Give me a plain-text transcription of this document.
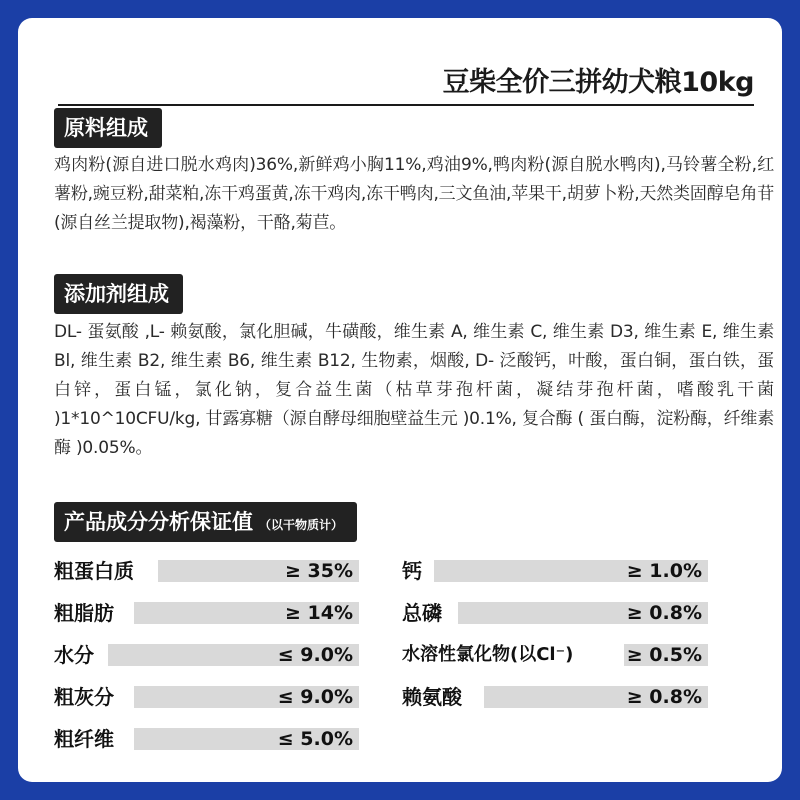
豆柴全价三拼幼犬粮10kg
原料组成
鸡肉粉(源自进口脱水鸡肉)36%,新鲜鸡小胸11%,鸡油9%,鸭肉粉(源自脱水鸭肉),马铃薯全粉,红薯粉,豌豆粉,甜菜粕,冻干鸡蛋黄,冻干鸡肉,冻干鸭肉,三文鱼油,苹果干,胡萝卜粉,天然类固醇皂角苷(源自丝兰提取物),褐藻粉，干酪,菊苣。
添加剂组成
DL- 蛋氨酸 ,L- 赖氨酸，氯化胆碱，牛磺酸，维生素 A, 维生素 C, 维生素 D3, 维生素 E, 维生素 Bl, 维生素 B2, 维生素 B6, 维生素 B12, 生物素，烟酸, D- 泛酸钙，叶酸，蛋白铜，蛋白铁，蛋白锌，蛋白锰，氯化钠，复合益生菌（枯草芽孢杆菌，凝结芽孢杆菌，嗜酸乳干菌 )1*10^10CFU/kg, 甘露寡糖（源自酵母细胞壁益生元 )0.1%, 复合酶 ( 蛋白酶，淀粉酶，纤维素酶 )0.05%。
产品成分分析保证值 （以干物质计）
粗蛋白质	≥ 35%
粗脂肪	≥ 14%
水分	≤ 9.0%
粗灰分	≤ 9.0%
粗纤维	≤ 5.0%
钙	≥ 1.0%
总磷	≥ 0.8%
水溶性氯化物(以Cl⁻)	≥ 0.5%
赖氨酸	≥ 0.8%
